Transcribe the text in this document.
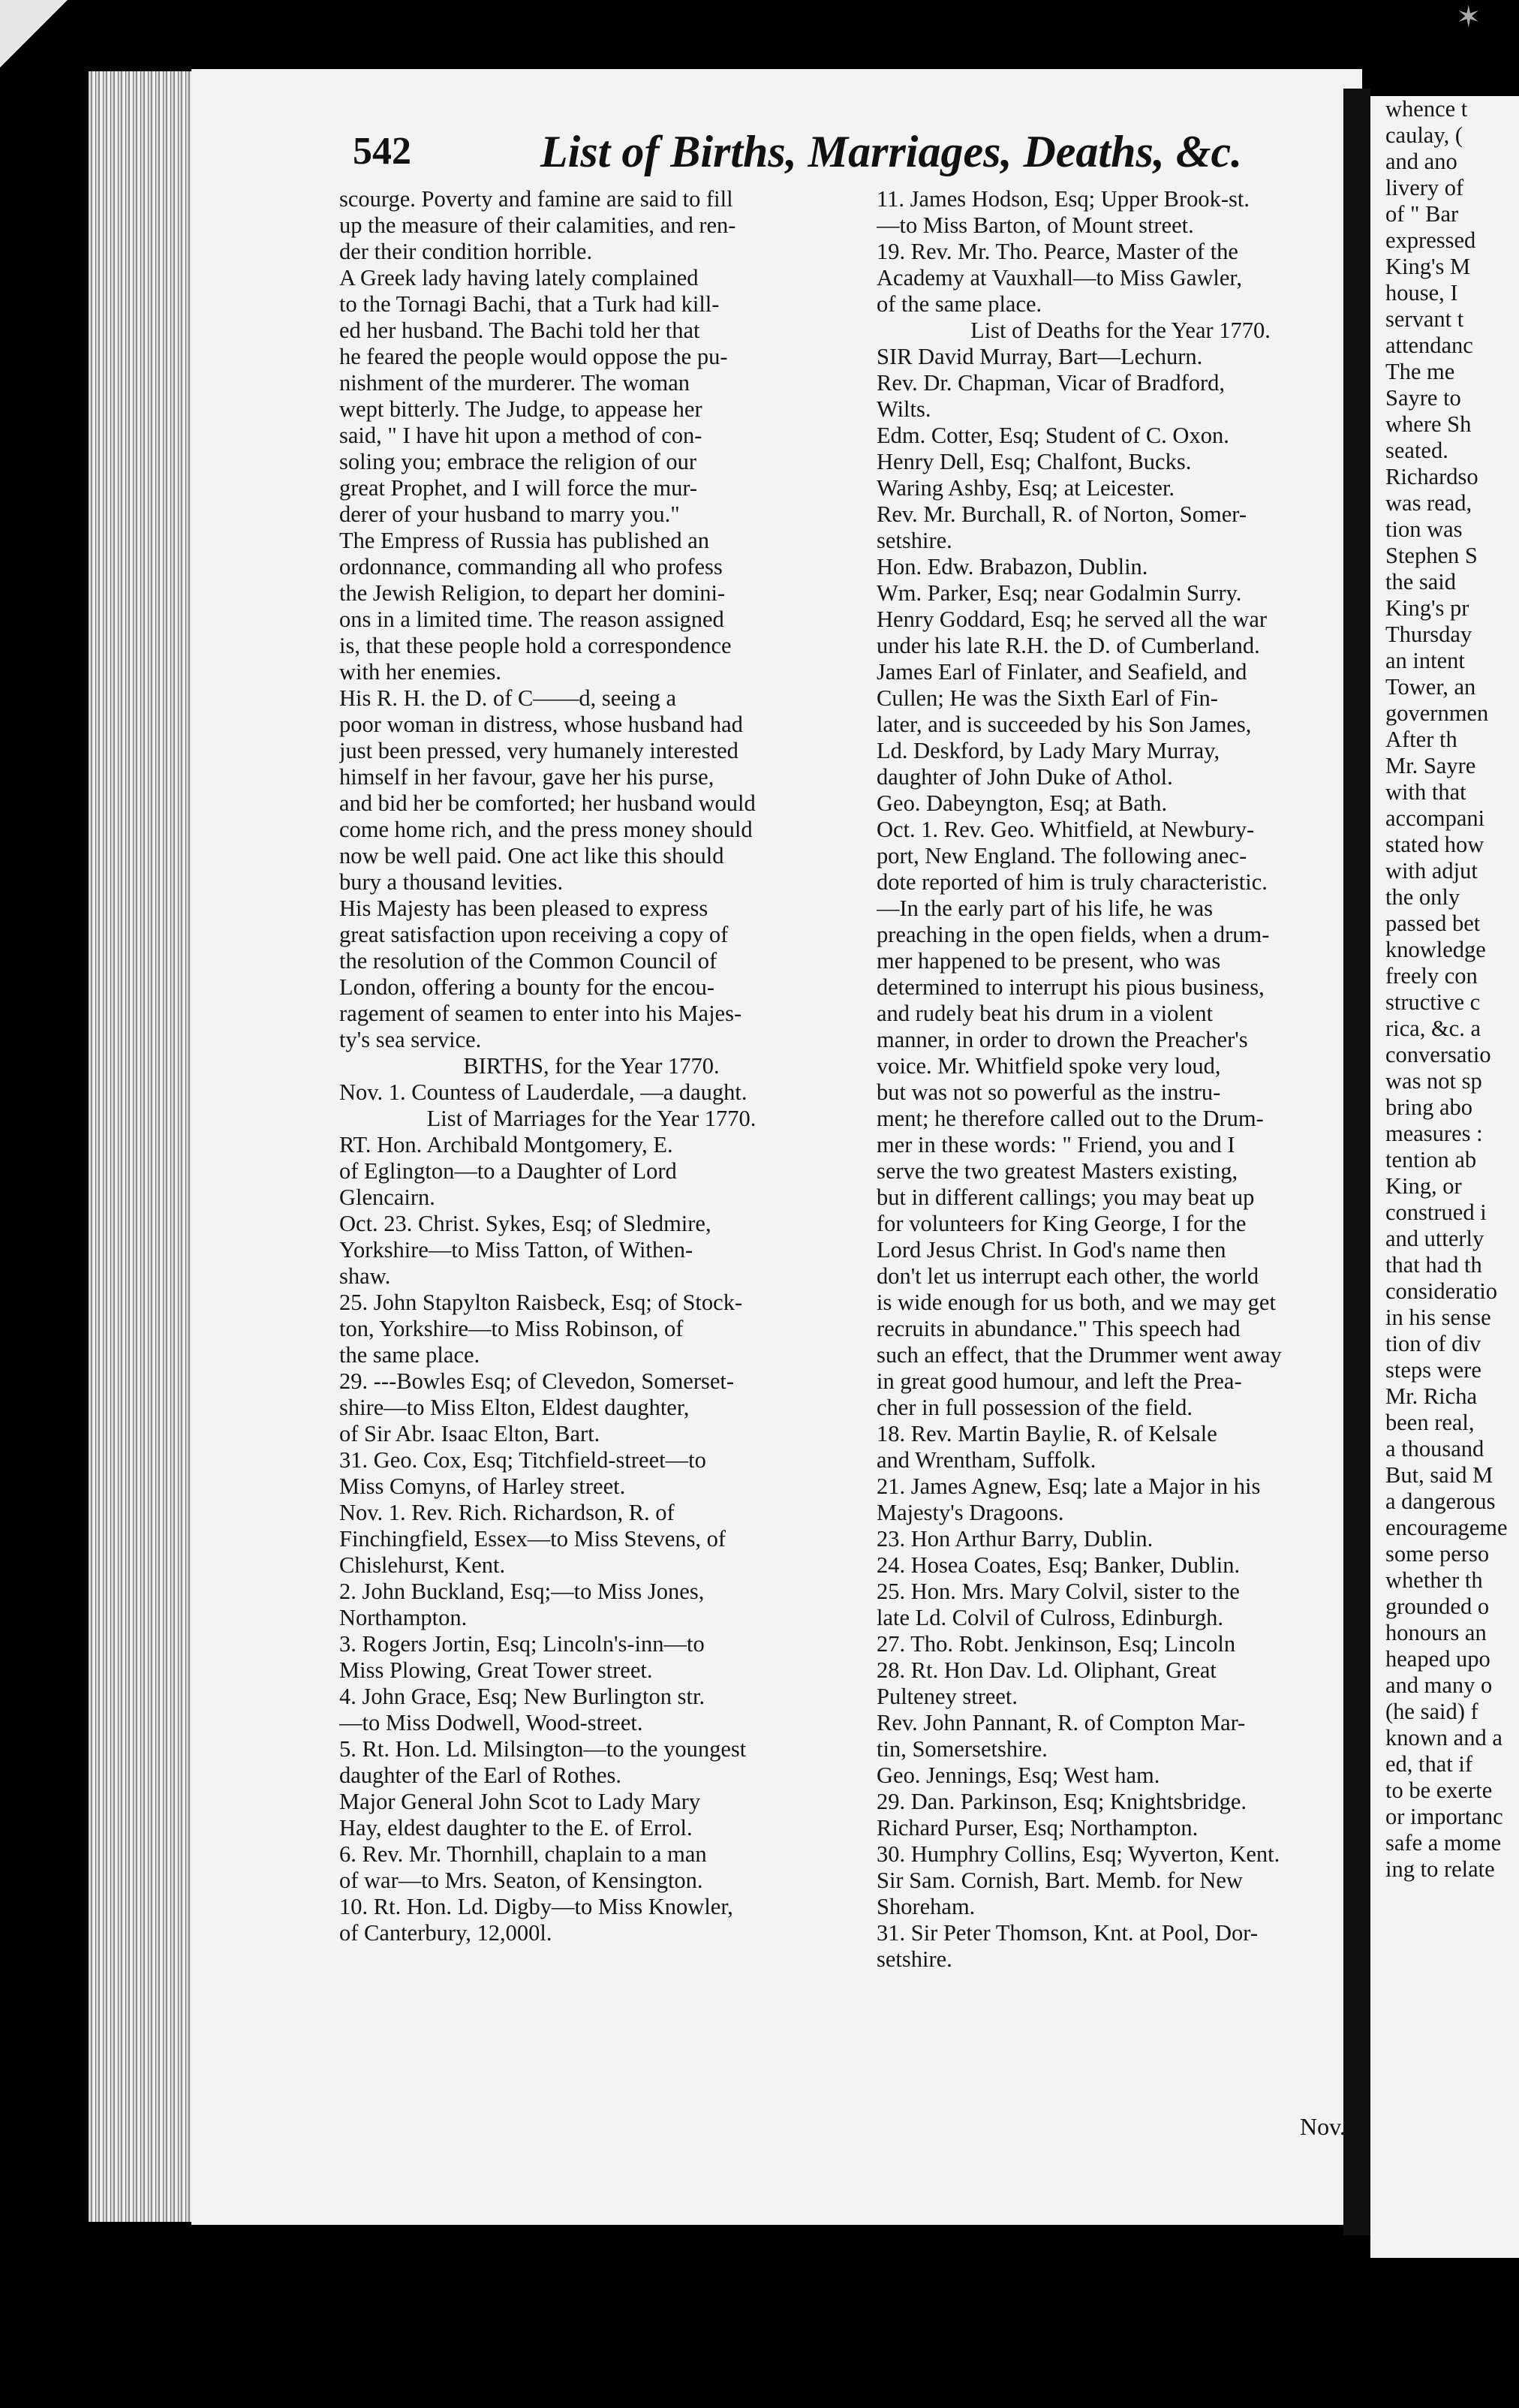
✶
whence t
caulay, (
and ano
livery of
of " Bar
expressed
King's M
house, I
servant t
attendanc
The me
Sayre to
where Sh
seated.
Richardso
was read,
tion was
Stephen S
the said
King's pr
Thursday
an intent
Tower, an
governmen
After th
Mr. Sayre
with that
accompani
stated how
with adjut
the only
passed bet
knowledge
freely con
structive c
rica, &c. a
conversatio
was not sp
bring abo
measures :
tention ab
King, or
construed i
and utterly
that had th
consideratio
in his sense
tion of div
steps were
Mr. Richa
been real,
a thousand
But, said M
a dangerous
encourageme
some perso
whether th
grounded o
honours an
heaped upo
and many o
(he said) f
known and a
ed, that if
to be exerte
or importanc
safe a mome
ing to relate
542	List of Births, Marriages, Deaths, &c.
scourge. Poverty and famine are said to fill
up the measure of their calamities, and ren-
der their condition horrible.
A Greek lady having lately complained
to the Tornagi Bachi, that a Turk had kill-
ed her husband. The Bachi told her that
he feared the people would oppose the pu-
nishment of the murderer. The woman
wept bitterly. The Judge, to appease her
said, " I have hit upon a method of con-
soling you; embrace the religion of our
great Prophet, and I will force the mur-
derer of your husband to marry you."
The Empress of Russia has published an
ordonnance, commanding all who profess
the Jewish Religion, to depart her domini-
ons in a limited time. The reason assigned
is, that these people hold a correspondence
with her enemies.
His R. H. the D. of C——d, seeing a
poor woman in distress, whose husband had
just been pressed, very humanely interested
himself in her favour, gave her his purse,
and bid her be comforted; her husband would
come home rich, and the press money should
now be well paid. One act like this should
bury a thousand levities.
His Majesty has been pleased to express
great satisfaction upon receiving a copy of
the resolution of the Common Council of
London, offering a bounty for the encou-
ragement of seamen to enter into his Majes-
ty's sea service.
BIRTHS, for the Year 1770.
Nov. 1. Countess of Lauderdale, —a daught.
List of Marriages for the Year 1770.
RT. Hon. Archibald Montgomery, E.
of Eglington—to a Daughter of Lord
Glencairn.
Oct. 23. Christ. Sykes, Esq; of Sledmire,
Yorkshire—to Miss Tatton, of Withen-
shaw.
25. John Stapylton Raisbeck, Esq; of Stock-
ton, Yorkshire—to Miss Robinson, of
the same place.
29. ---Bowles Esq; of Clevedon, Somerset-
shire—to Miss Elton, Eldest daughter,
of Sir Abr. Isaac Elton, Bart.
31. Geo. Cox, Esq; Titchfield-street—to
Miss Comyns, of Harley street.
Nov. 1. Rev. Rich. Richardson, R. of
Finchingfield, Essex—to Miss Stevens, of
Chislehurst, Kent.
2. John Buckland, Esq;—to Miss Jones,
Northampton.
3. Rogers Jortin, Esq; Lincoln's-inn—to
Miss Plowing, Great Tower street.
4. John Grace, Esq; New Burlington str.
—to Miss Dodwell, Wood-street.
5. Rt. Hon. Ld. Milsington—to the youngest
daughter of the Earl of Rothes.
Major General John Scot to Lady Mary
Hay, eldest daughter to the E. of Errol.
6. Rev. Mr. Thornhill, chaplain to a man
of war—to Mrs. Seaton, of Kensington.
10. Rt. Hon. Ld. Digby—to Miss Knowler,
of Canterbury, 12,000l.
11. James Hodson, Esq; Upper Brook-st.
—to Miss Barton, of Mount street.
19. Rev. Mr. Tho. Pearce, Master of the
Academy at Vauxhall—to Miss Gawler,
of the same place.
List of Deaths for the Year 1770.
SIR David Murray, Bart—Lechurn.
Rev. Dr. Chapman, Vicar of Bradford,
Wilts.
Edm. Cotter, Esq; Student of C. Oxon.
Henry Dell, Esq; Chalfont, Bucks.
Waring Ashby, Esq; at Leicester.
Rev. Mr. Burchall, R. of Norton, Somer-
setshire.
Hon. Edw. Brabazon, Dublin.
Wm. Parker, Esq; near Godalmin Surry.
Henry Goddard, Esq; he served all the war
under his late R.H. the D. of Cumberland.
James Earl of Finlater, and Seafield, and
Cullen; He was the Sixth Earl of Fin-
later, and is succeeded by his Son James,
Ld. Deskford, by Lady Mary Murray,
daughter of John Duke of Athol.
Geo. Dabeyngton, Esq; at Bath.
Oct. 1. Rev. Geo. Whitfield, at Newbury-
port, New England. The following anec-
dote reported of him is truly characteristic.
—In the early part of his life, he was
preaching in the open fields, when a drum-
mer happened to be present, who was
determined to interrupt his pious business,
and rudely beat his drum in a violent
manner, in order to drown the Preacher's
voice. Mr. Whitfield spoke very loud,
but was not so powerful as the instru-
ment; he therefore called out to the Drum-
mer in these words: " Friend, you and I
serve the two greatest Masters existing,
but in different callings; you may beat up
for volunteers for King George, I for the
Lord Jesus Christ. In God's name then
don't let us interrupt each other, the world
is wide enough for us both, and we may get
recruits in abundance." This speech had
such an effect, that the Drummer went away
in great good humour, and left the Prea-
cher in full possession of the field.
18. Rev. Martin Baylie, R. of Kelsale
and Wrentham, Suffolk.
21. James Agnew, Esq; late a Major in his
Majesty's Dragoons.
23. Hon Arthur Barry, Dublin.
24. Hosea Coates, Esq; Banker, Dublin.
25. Hon. Mrs. Mary Colvil, sister to the
late Ld. Colvil of Culross, Edinburgh.
27. Tho. Robt. Jenkinson, Esq; Lincoln
28. Rt. Hon Dav. Ld. Oliphant, Great
Pulteney street.
Rev. John Pannant, R. of Compton Mar-
tin, Somersetshire.
Geo. Jennings, Esq; West ham.
29. Dan. Parkinson, Esq; Knightsbridge.
Richard Purser, Esq; Northampton.
30. Humphry Collins, Esq; Wyverton, Kent.
Sir Sam. Cornish, Bart. Memb. for New
Shoreham.
31. Sir Peter Thomson, Knt. at Pool, Dor-
setshire.
Nov.
